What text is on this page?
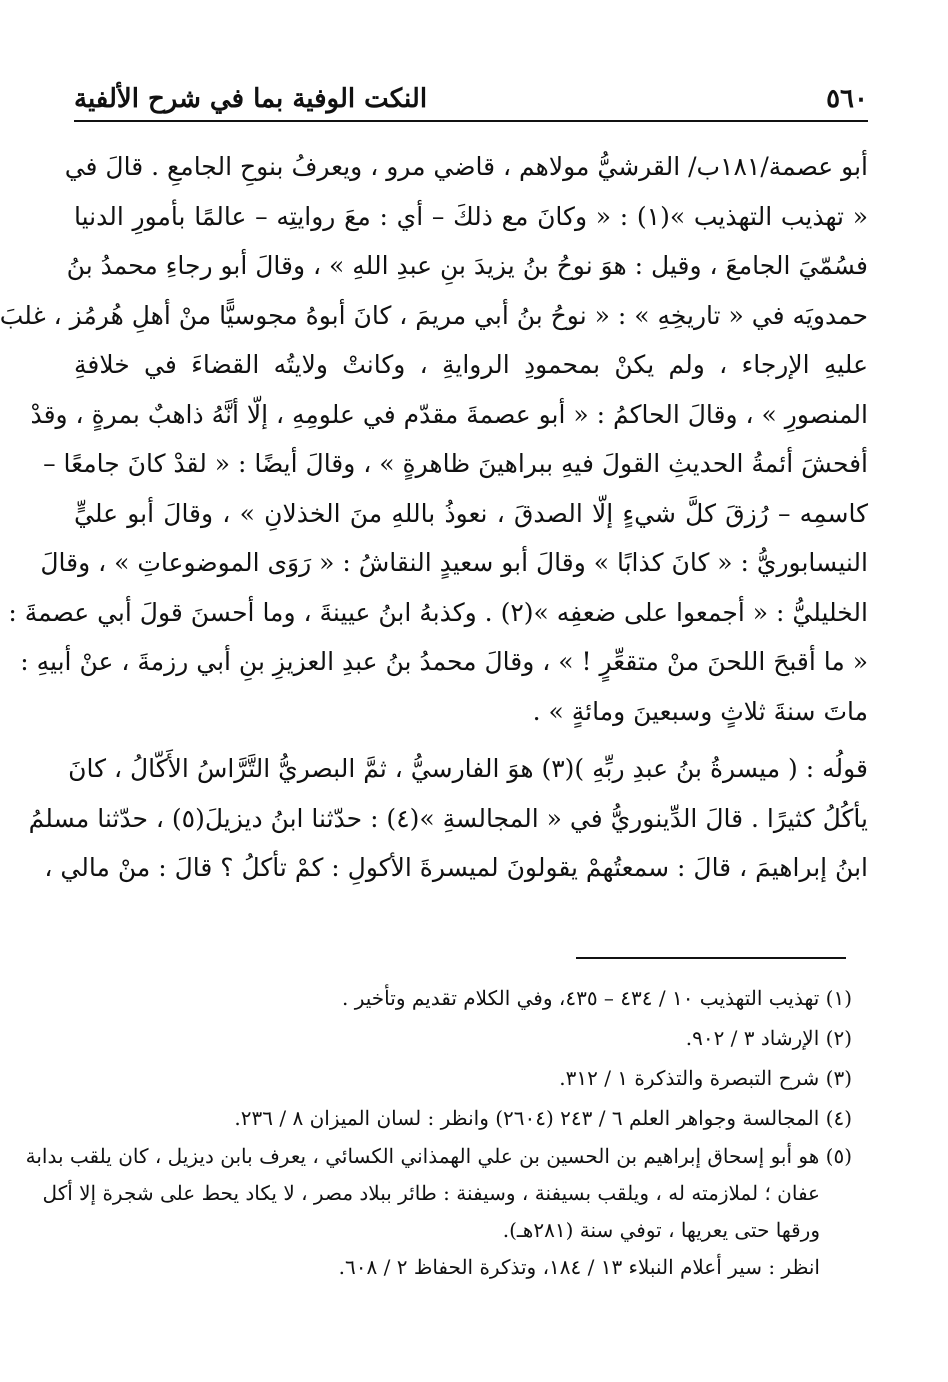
٥٦٠
النكت الوفية بما في شرح الألفية
أبو عصمة/١٨١ب/ القرشيُّ مولاهم ، قاضي مرو ، ويعرفُ بنوحِ الجامعِ . قالَ في
« تهذيب التهذيب »(١) : « وكانَ مع ذلكَ – أي : معَ روايتِه – عالمًا بأمورِ الدنيا
فسُمّيَ الجامعَ ، وقيل : هوَ نوحُ بنُ يزيدَ بنِ عبدِ اللهِ » ، وقالَ أبو رجاءِ محمدُ بنُ
حمدويَه في « تاريخِهِ » : « نوحُ بنُ أبي مريمَ ، كانَ أبوهُ مجوسيًّا منْ أهلِ هُرمُز ، غلبَ
عليهِ الإرجاء ، ولم يكنْ بمحمودِ الروايةِ ، وكانتْ ولايتُه القضاءَ في خلافةِ
المنصورِ » ، وقالَ الحاكمُ : « أبو عصمةَ مقدّم في علومِهِ ، إلّا أنَّهُ ذاهبٌ بمرةٍ ، وقدْ
أفحشَ أئمةُ الحديثِ القولَ فيهِ ببراهينَ ظاهرةٍ » ، وقالَ أيضًا : « لقدْ كانَ جامعًا –
كاسمِه – رُزقَ كلَّ شيءٍ إلّا الصدقَ ، نعوذُ باللهِ منَ الخذلانِ » ، وقالَ أبو عليٍّ
النيسابوريُّ : « كانَ كذابًا » وقالَ أبو سعيدٍ النقاشُ : « رَوَى الموضوعاتِ » ، وقالَ
الخليليُّ : « أجمعوا على ضعفِه »(٢) . وكذبهُ ابنُ عيينةَ ، وما أحسنَ قولَ أبي عصمةَ :
« ما أقبحَ اللحنَ منْ متقعِّرٍ ! » ، وقالَ محمدُ بنُ عبدِ العزيزِ بنِ أبي رزمةَ ، عنْ أبيهِ :
ماتَ سنةَ ثلاثٍ وسبعينَ ومائةٍ » .
قولُه : ( ميسرةُ بنُ عبدِ ربِّهِ )(٣) هوَ الفارسيُّ ، ثمَّ البصريُّ التَّرَّاسُ الأَكّالُ ، كانَ
يأكُلُ كثيرًا . قالَ الدِّينوريُّ في « المجالسةِ »(٤) : حدّثنا ابنُ ديزيلَ(٥) ، حدّثنا مسلمُ
ابنُ إبراهيمَ ، قالَ : سمعتُهمْ يقولونَ لميسرةَ الأكولِ : كمْ تأكلُ ؟ قالَ : منْ مالي ،
(١) تهذيب التهذيب ١٠ / ٤٣٤ – ٤٣٥، وفي الكلام تقديم وتأخير .
(٢) الإرشاد ٣ / ٩٠٢.
(٣) شرح التبصرة والتذكرة ١ / ٣١٢.
(٤) المجالسة وجواهر العلم ٦ / ٢٤٣ (٢٦٠٤) وانظر : لسان الميزان ٨ / ٢٣٦.
(٥) هو أبو إسحاق إبراهيم بن الحسين بن علي الهمذاني الكسائي ، يعرف بابن ديزيل ، كان يلقب بدابة
عفان ؛ لملازمته له ، ويلقب بسيفنة ، وسيفنة : طائر ببلاد مصر ، لا يكاد يحط على شجرة إلا أكل
ورقها حتى يعريها ، توفي سنة (٢٨١هـ).
انظر : سير أعلام النبلاء ١٣ / ١٨٤، وتذكرة الحفاظ ٢ / ٦٠٨.
